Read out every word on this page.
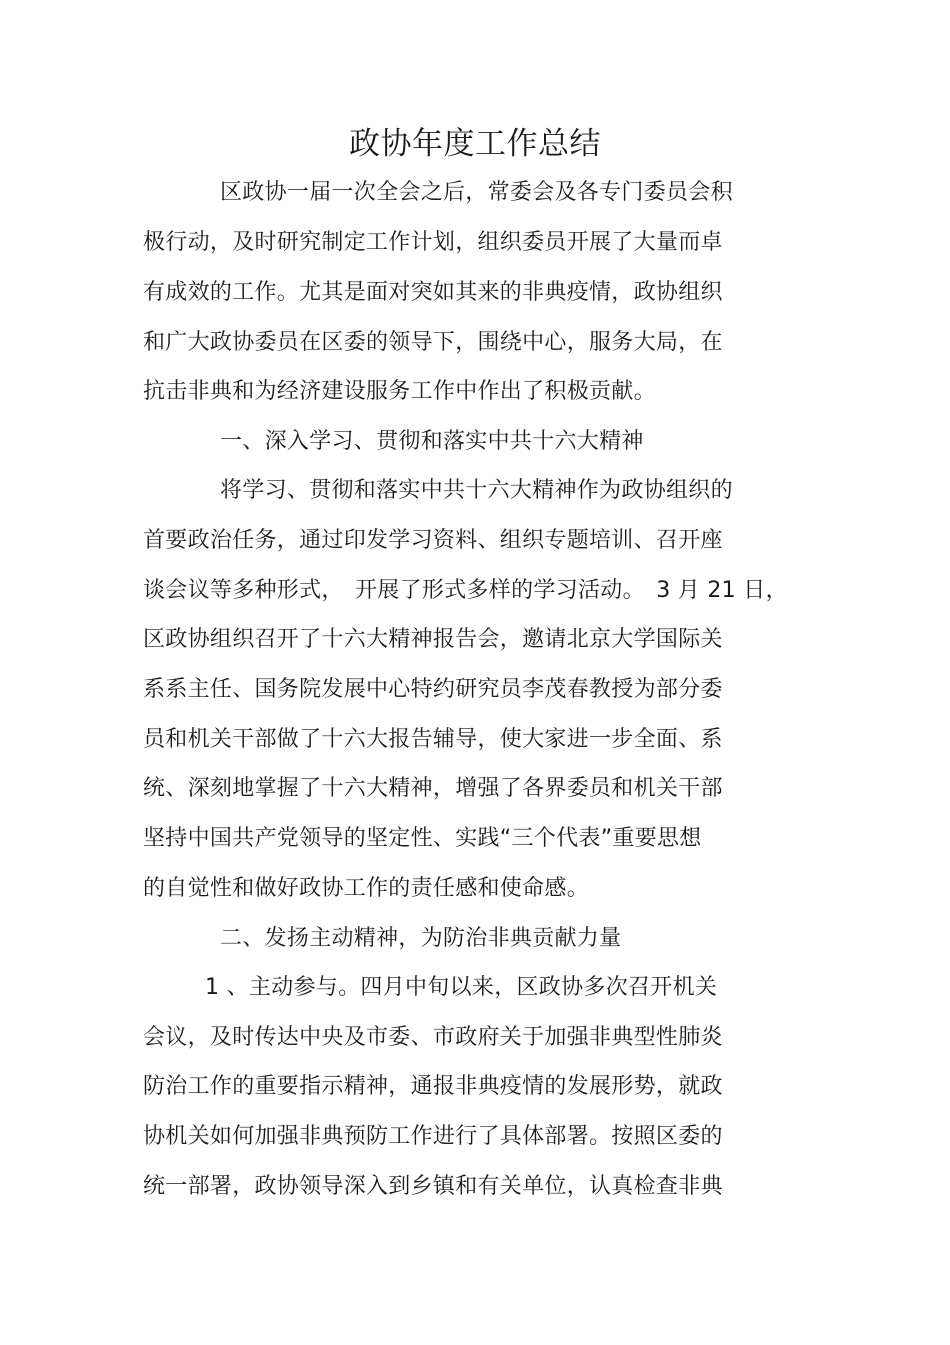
政协年度工作总结
区政协一届一次全会之后，常委会及各专门委员会积
极行动，及时研究制定工作计划，组织委员开展了大量而卓
有成效的工作。尤其是面对突如其来的非典疫情，政协组织
和广大政协委员在区委的领导下，围绕中心，服务大局，在
抗击非典和为经济建设服务工作中作出了积极贡献。
一、深入学习、贯彻和落实中共十六大精神
将学习、贯彻和落实中共十六大精神作为政协组织的
首要政治任务，通过印发学习资料、组织专题培训、召开座
谈会议等多种形式，　开展了形式多样的学习活动。　3 月 21 日，
区政协组织召开了十六大精神报告会，邀请北京大学国际关
系系主任、国务院发展中心特约研究员李茂春教授为部分委
员和机关干部做了十六大报告辅导，使大家进一步全面、系
统、深刻地掌握了十六大精神，增强了各界委员和机关干部
坚持中国共产党领导的坚定性、实践“三个代表”重要思想
的自觉性和做好政协工作的责任感和使命感。
二、发扬主动精神，为防治非典贡献力量
1 、主动参与。四月中旬以来，区政协多次召开机关
会议，及时传达中央及市委、市政府关于加强非典型性肺炎
防治工作的重要指示精神，通报非典疫情的发展形势，就政
协机关如何加强非典预防工作进行了具体部署。按照区委的
统一部署，政协领导深入到乡镇和有关单位，认真检查非典
